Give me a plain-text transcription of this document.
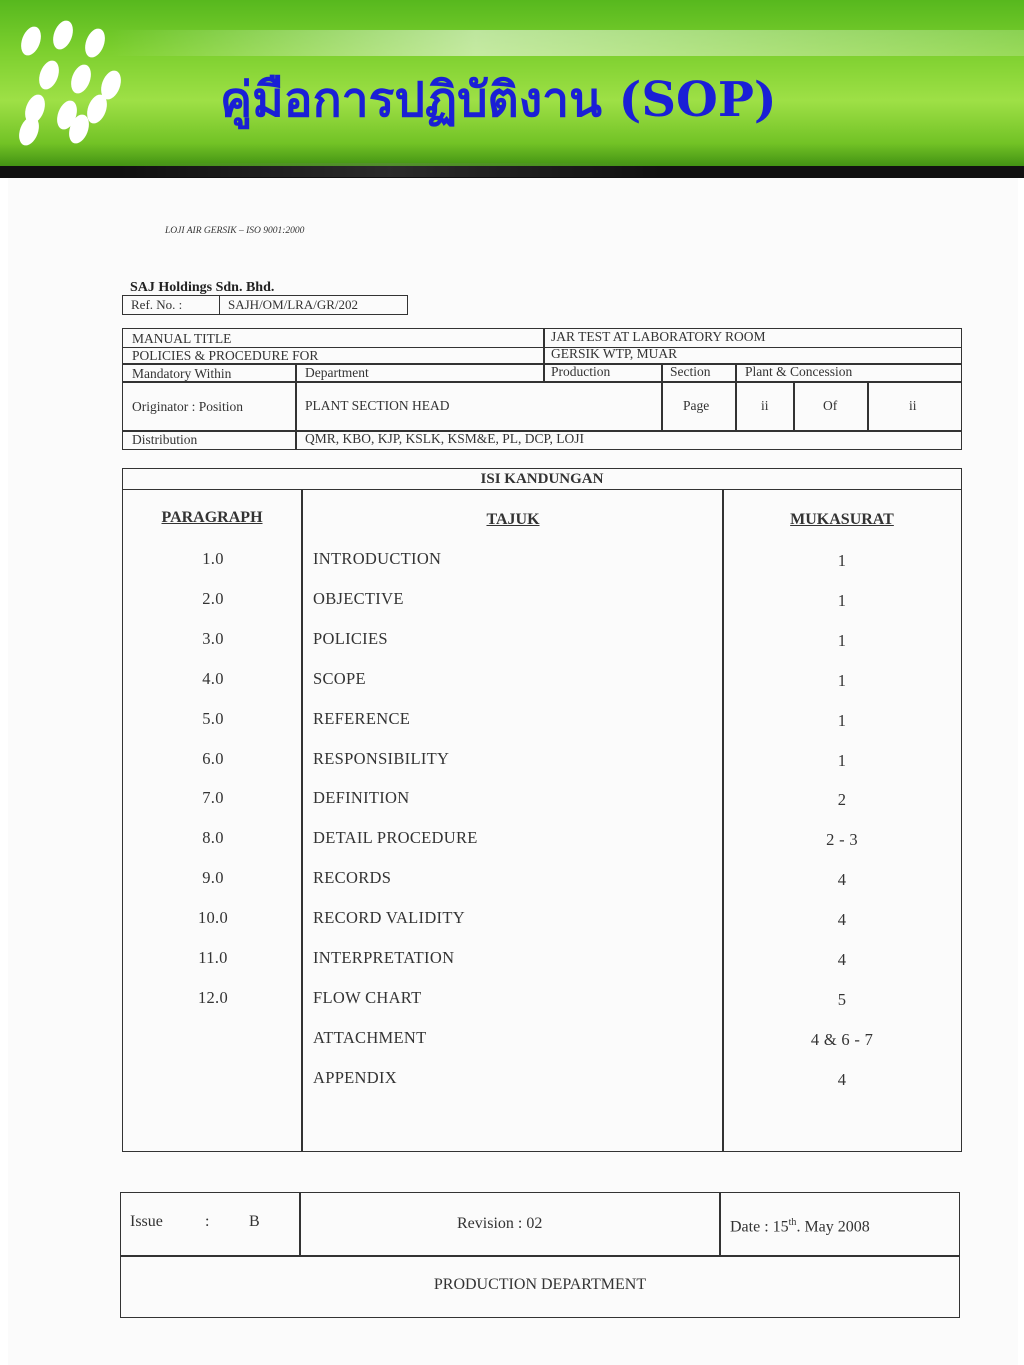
คู่มือการปฏิบัติงาน (SOP)
LOJI AIR GERSIK – ISO 9001:2000
SAJ Holdings Sdn. Bhd.
Ref. No. :	SAJH/OM/LRA/GR/202
MANUAL TITLE	JAR TEST AT LABORATORY ROOM
POLICIES & PROCEDURE FOR	GERSIK WTP, MUAR
Mandatory Within	Department	Production	Section	Plant & Concession
Originator : Position	PLANT SECTION HEAD	Page	ii	Of	ii
Distribution	QMR, KBO, KJP, KSLK, KSM&E, PL, DCP, LOJI
ISI KANDUNGAN
PARAGRAPH	TAJUK	MUKASURAT
1.0	INTRODUCTION	1
2.0	OBJECTIVE	1
3.0	POLICIES	1
4.0	SCOPE	1
5.0	REFERENCE	1
6.0	RESPONSIBILITY	1
7.0	DEFINITION	2
8.0	DETAIL PROCEDURE	2 - 3
9.0	RECORDS	4
10.0	RECORD VALIDITY	4
11.0	INTERPRETATION	4
12.0	FLOW CHART	5
ATTACHMENT	4 & 6 - 7
APPENDIX	4
Issue	: B	Revision : 02	Date : 15th. May 2008
PRODUCTION DEPARTMENT
